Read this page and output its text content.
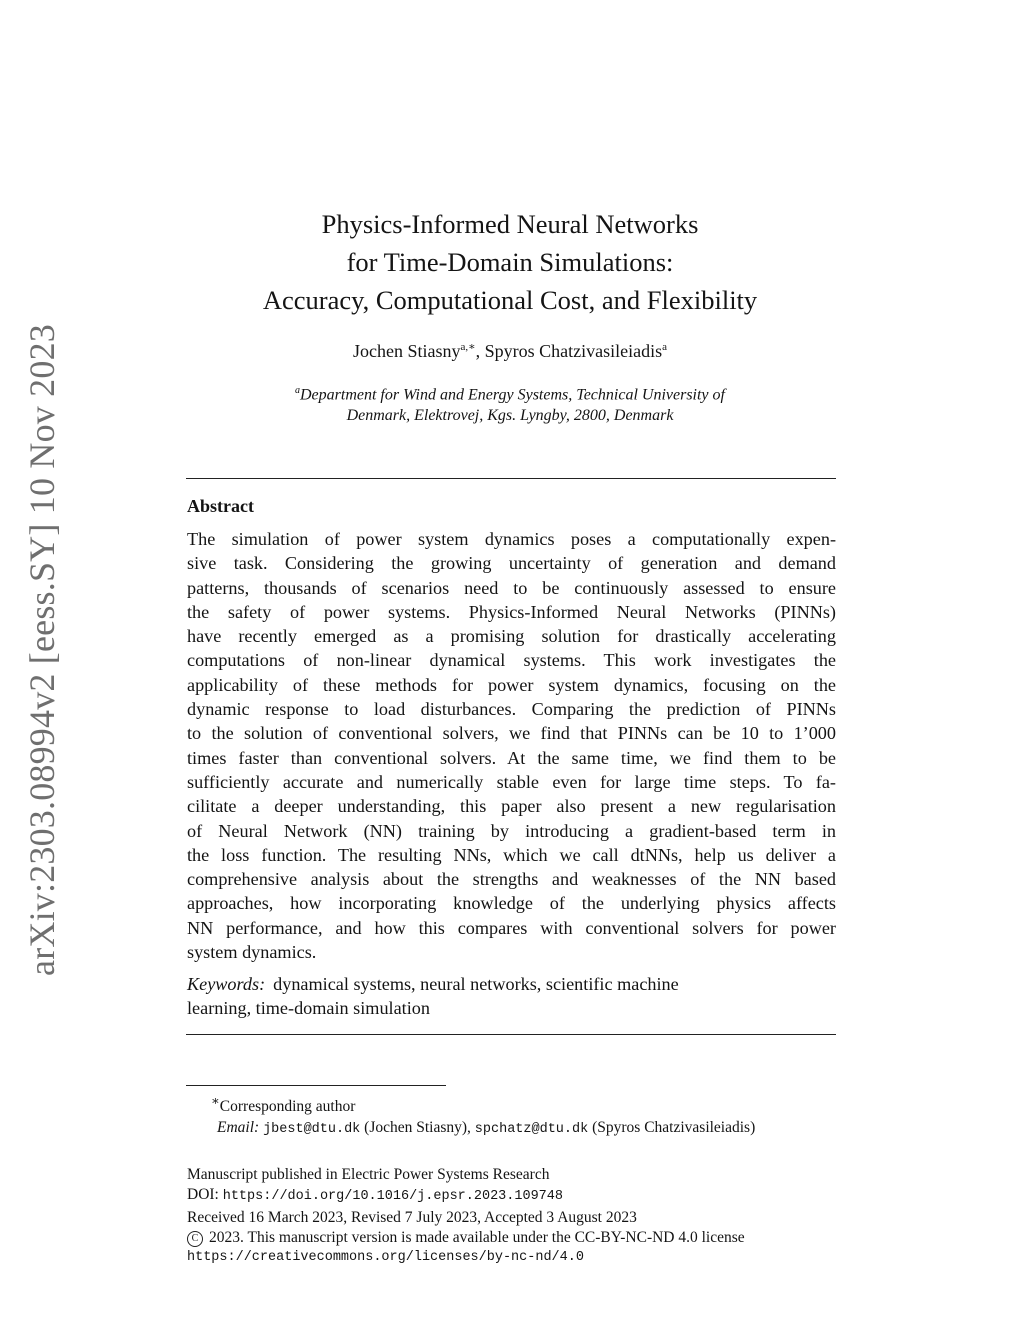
arXiv:2303.08994v2 [eess.SY] 10 Nov 2023
Physics-Informed Neural Networks
for Time-Domain Simulations:
Accuracy, Computational Cost, and Flexibility
Jochen Stiasny$^{a,∗}$, Spyros Chatzivasileiadis$^a$
$^a$Department for Wind and Energy Systems, Technical University of
Denmark, Elektrovej, Kgs. Lyngby, 2800, Denmark
Abstract
The simulation of power system dynamics poses a computationally expen-
sive task. Considering the growing uncertainty of generation and demand
patterns, thousands of scenarios need to be continuously assessed to ensure
the safety of power systems. Physics-Informed Neural Networks (PINNs)
have recently emerged as a promising solution for drastically accelerating
computations of non-linear dynamical systems. This work investigates the
applicability of these methods for power system dynamics, focusing on the
dynamic response to load disturbances. Comparing the prediction of PINNs
to the solution of conventional solvers, we find that PINNs can be 10 to 1’000
times faster than conventional solvers. At the same time, we find them to be
sufficiently accurate and numerically stable even for large time steps. To fa-
cilitate a deeper understanding, this paper also present a new regularisation
of Neural Network (NN) training by introducing a gradient-based term in
the loss function. The resulting NNs, which we call dtNNs, help us deliver a
comprehensive analysis about the strengths and weaknesses of the NN based
approaches, how incorporating knowledge of the underlying physics affects
NN performance, and how this compares with conventional solvers for power
system dynamics.
Keywords: dynamical systems, neural networks, scientific machine
learning, time-domain simulation
∗Corresponding author
Email: jbest@dtu.dk (Jochen Stiasny), spchatz@dtu.dk (Spyros Chatzivasileiadis)
Manuscript published in Electric Power Systems Research
DOI: https://doi.org/10.1016/j.epsr.2023.109748
Received 16 March 2023, Revised 7 July 2023, Accepted 3 August 2023
C 2023. This manuscript version is made available under the CC-BY-NC-ND 4.0 license
https://creativecommons.org/licenses/by-nc-nd/4.0
